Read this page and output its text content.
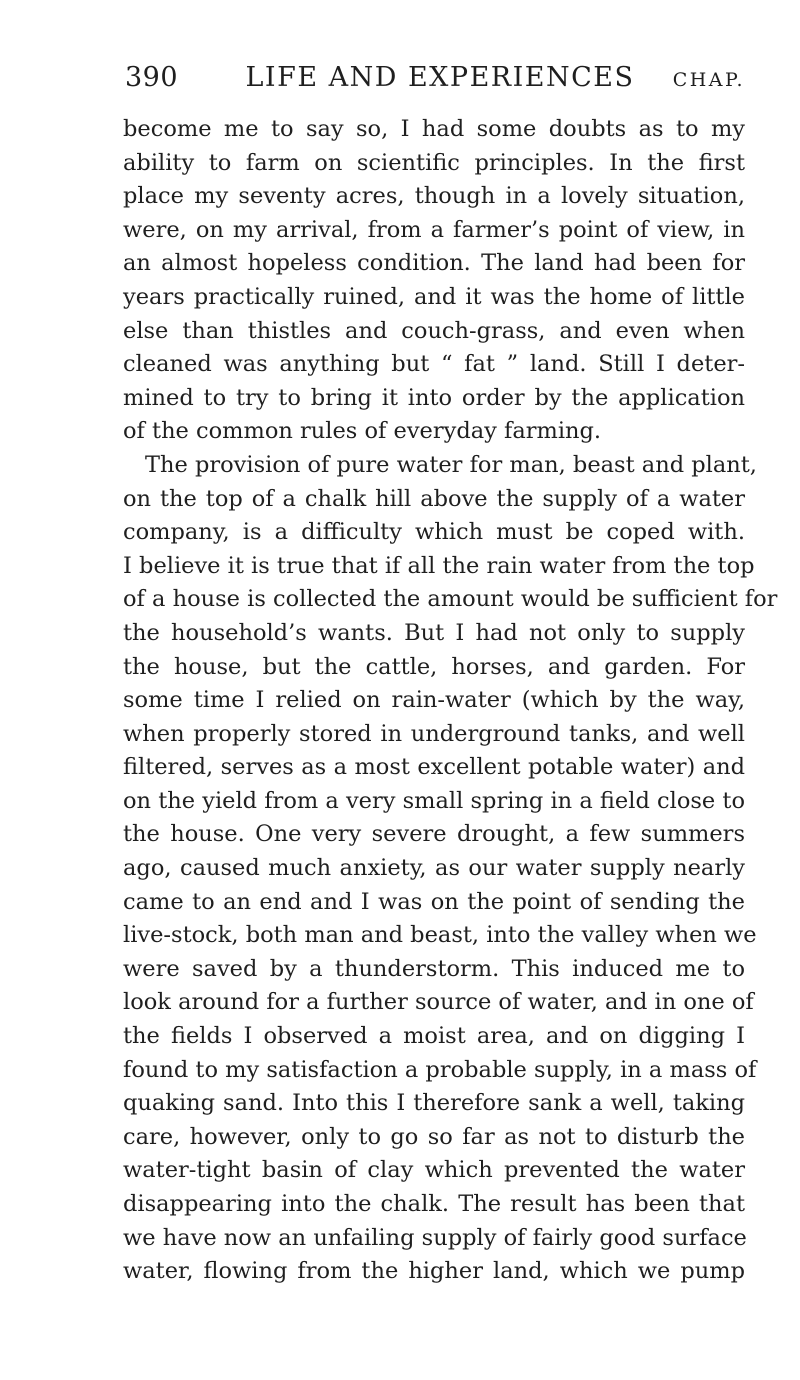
390	LIFE AND EXPERIENCES	CHAP.
become me to say so, I had some doubts as to my
ability to farm on scientific principles. In the first
place my seventy acres, though in a lovely situation,
were, on my arrival, from a farmer’s point of view, in
an almost hopeless condition. The land had been for
years practically ruined, and it was the home of little
else than thistles and couch-grass, and even when
cleaned was anything but “ fat ” land. Still I deter-
mined to try to bring it into order by the application
of the common rules of everyday farming.
The provision of pure water for man, beast and plant,
on the top of a chalk hill above the supply of a water
company, is a difficulty which must be coped with.
I believe it is true that if all the rain water from the top
of a house is collected the amount would be sufficient for
the household’s wants. But I had not only to supply
the house, but the cattle, horses, and garden. For
some time I relied on rain-water (which by the way,
when properly stored in underground tanks, and well
filtered, serves as a most excellent potable water) and
on the yield from a very small spring in a field close to
the house. One very severe drought, a few summers
ago, caused much anxiety, as our water supply nearly
came to an end and I was on the point of sending the
live-stock, both man and beast, into the valley when we
were saved by a thunderstorm. This induced me to
look around for a further source of water, and in one of
the fields I observed a moist area, and on digging I
found to my satisfaction a probable supply, in a mass of
quaking sand. Into this I therefore sank a well, taking
care, however, only to go so far as not to disturb the
water-tight basin of clay which prevented the water
disappearing into the chalk. The result has been that
we have now an unfailing supply of fairly good surface
water, flowing from the higher land, which we pump
